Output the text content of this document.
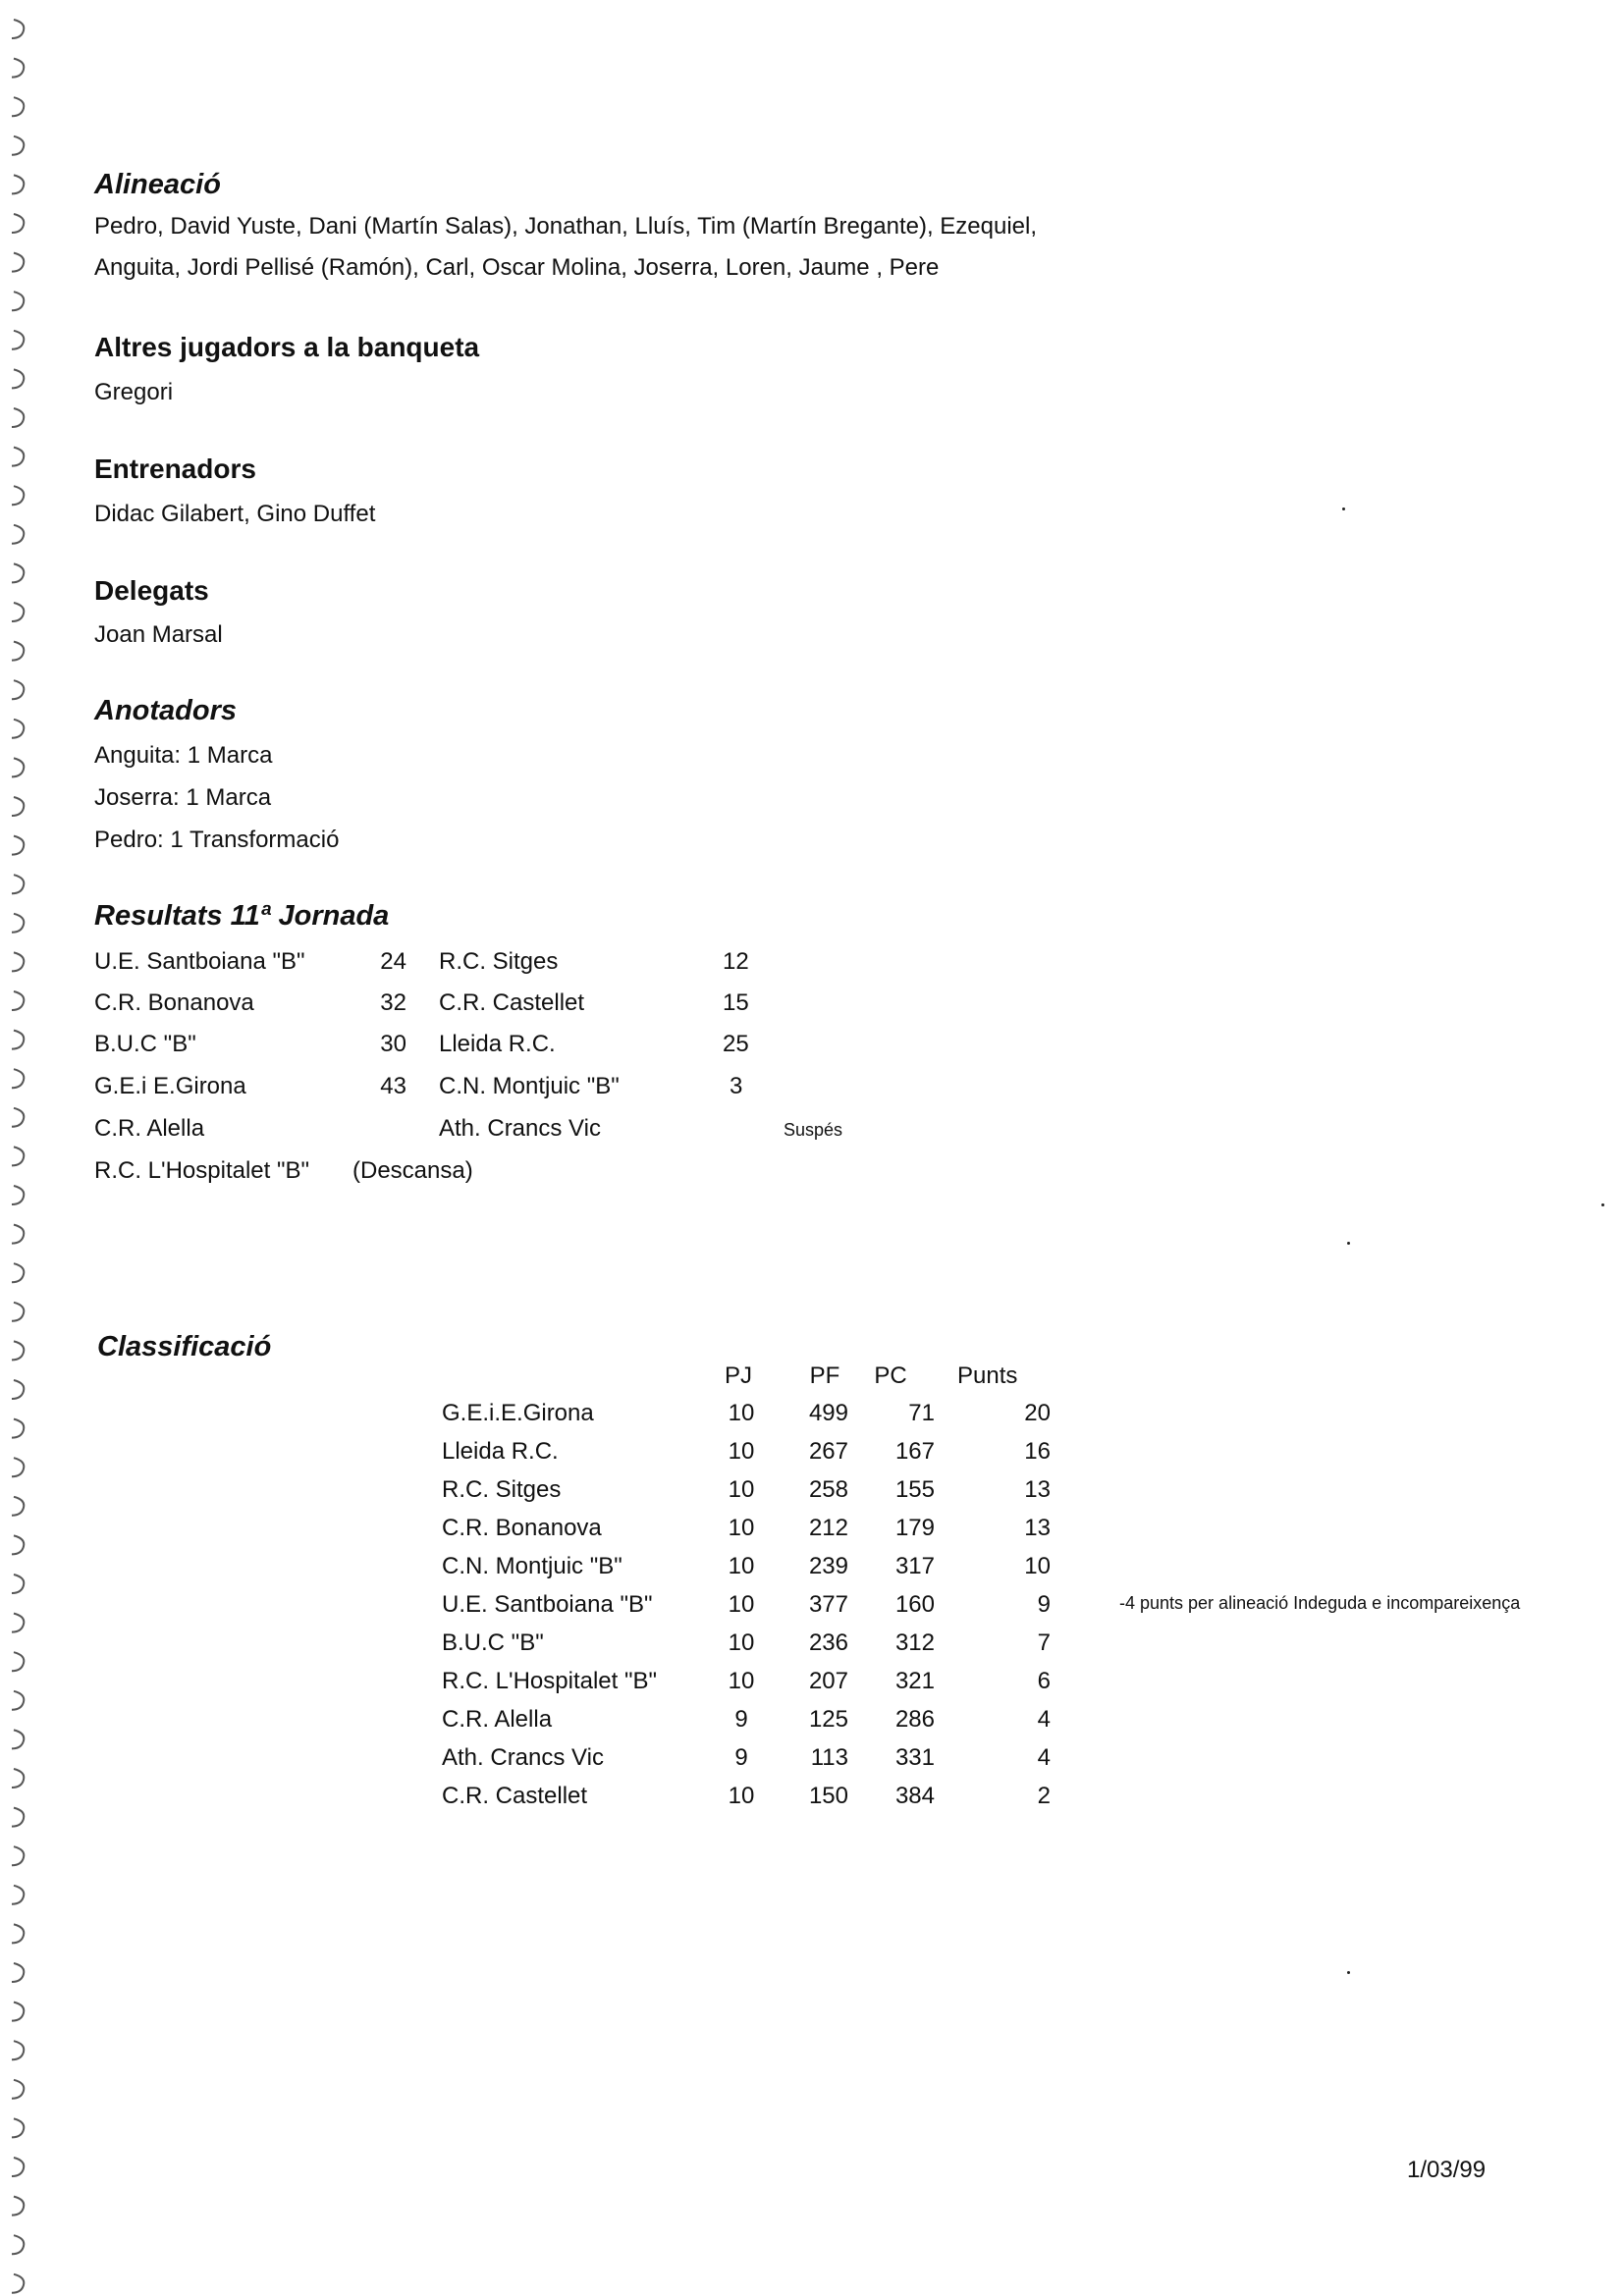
Alineació

Pedro, David Yuste, Dani (Martín Salas), Jonathan, Lluís, Tim (Martín Bregante), Ezequiel,

Anguita, Jordi Pellisé (Ramón), Carl, Oscar Molina, Joserra, Loren, Jaume , Pere

Altres jugadors a la banqueta

Gregori

Entrenadors

Didac Gilabert, Gino Duffet

Delegats

Joan Marsal

Anotadors

Anguita: 1 Marca

Joserra: 1 Marca

Pedro: 1 Transformació

Resultats 11ª Jornada
U.E. Santboiana "B"	24 R.C. Sitges	12
C.R. Bonanova	32 C.R. Castellet	15
B.U.C "B"	30 Lleida R.C.	25
G.E.i E.Girona	43 C.N. Montjuic "B"	3
C.R. Alella	Ath. Crancs Vic	Suspés
R.C. L'Hospitalet "B" (Descansa)
Classificació
PJ	PF	PC	Punts
G.E.i.E.Girona	10	499	71	20
Lleida R.C.	10	267	167	16
R.C. Sitges	10	258	155	13
C.R. Bonanova	10	212	179	13
C.N. Montjuic "B"	10	239	317	10
U.E. Santboiana "B"	10	377	160	9
B.U.C "B"	10	236	312	7
R.C. L'Hospitalet "B"	10	207	321	6
C.R. Alella	9	125	286	4
Ath. Crancs Vic	9	113	331	4
C.R. Castellet	10	150	384	2
-4 punts per alineació Indeguda e incompareixença
1/03/99
